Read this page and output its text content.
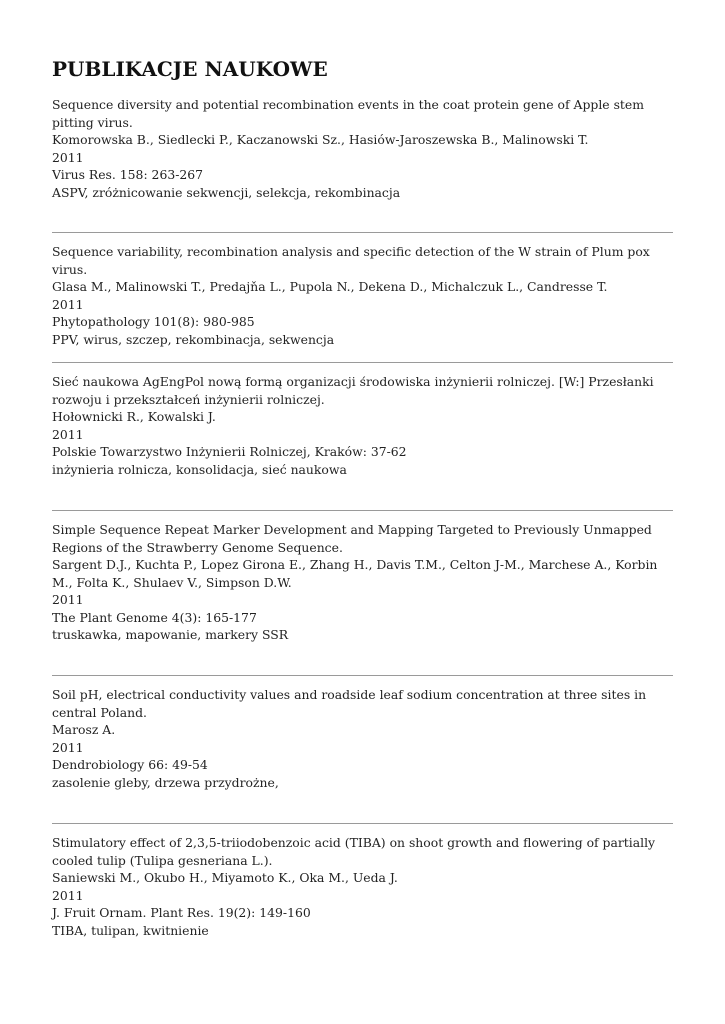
PUBLIKACJE NAUKOWE
Sequence diversity and potential recombination events in the coat protein gene of Apple stem pitting virus.
Komorowska B., Siedlecki P., Kaczanowski Sz., Hasiów-Jaroszewska B., Malinowski T.
2011
Virus Res. 158: 263-267
ASPV, zróżnicowanie sekwencji, selekcja, rekombinacja
Sequence variability, recombination analysis and specific detection of the W strain of Plum pox virus.
Glasa M., Malinowski T., Predajňa L., Pupola N., Dekena D., Michalczuk L., Candresse T.
2011
Phytopathology 101(8): 980-985
PPV, wirus, szczep, rekombinacja, sekwencja
Sieć naukowa AgEngPol nową formą organizacji środowiska inżynierii rolniczej. [W:] Przesłanki rozwoju i przekształceń inżynierii rolniczej.
Hołownicki R., Kowalski J.
2011
Polskie Towarzystwo Inżynierii Rolniczej, Kraków: 37-62
inżynieria rolnicza, konsolidacja, sieć naukowa
Simple Sequence Repeat Marker Development and Mapping Targeted to Previously Unmapped Regions of the Strawberry Genome Sequence.
Sargent D.J., Kuchta P., Lopez Girona E., Zhang H., Davis T.M., Celton J-M., Marchese A., Korbin M., Folta K., Shulaev V., Simpson D.W.
2011
The Plant Genome 4(3): 165-177
truskawka, mapowanie, markery SSR
Soil pH, electrical conductivity values and roadside leaf sodium concentration at three sites in central Poland.
Marosz A.
2011
Dendrobiology 66: 49-54
zasolenie gleby, drzewa przydrożne,
Stimulatory effect of 2,3,5-triiodobenzoic acid (TIBA) on shoot growth and flowering of partially cooled tulip (Tulipa gesneriana L.).
Saniewski M., Okubo H., Miyamoto K., Oka M., Ueda J.
2011
J. Fruit Ornam. Plant Res. 19(2): 149-160
TIBA, tulipan, kwitnienie
